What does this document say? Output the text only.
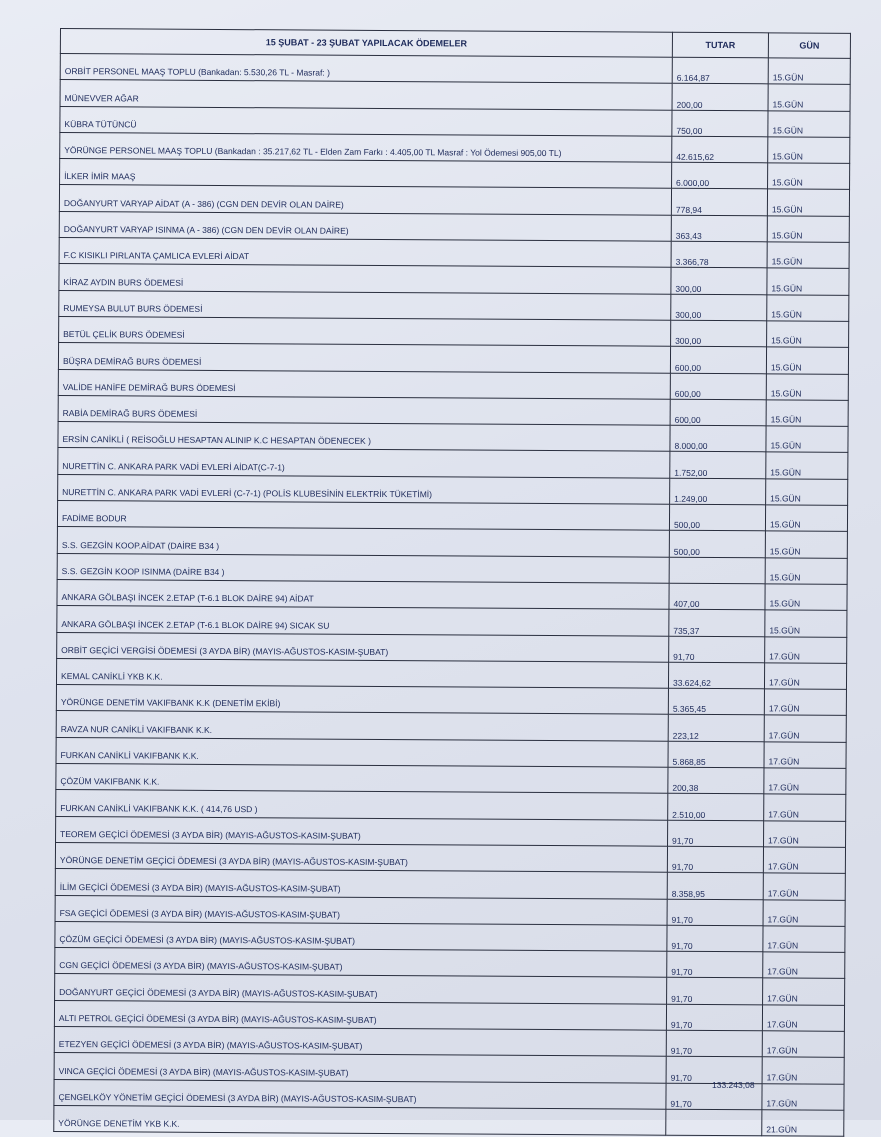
15 ŞUBAT - 23 ŞUBAT YAPILACAK ÖDEMELER	TUTAR	GÜN
ORBİT PERSONEL MAAŞ TOPLU (Bankadan: 5.530,26 TL - Masraf: )	6.164,87	15.GÜN
MÜNEVVER AĞAR	200,00	15.GÜN
KÜBRA TÜTÜNCÜ	750,00	15.GÜN
YÖRÜNGE PERSONEL MAAŞ TOPLU (Bankadan : 35.217,62 TL - Elden Zam Farkı : 4.405,00 TL Masraf : Yol Ödemesi 905,00 TL)	42.615,62	15.GÜN
İLKER İMİR MAAŞ	6.000,00	15.GÜN
DOĞANYURT VARYAP AİDAT (A - 386) (CGN DEN DEVİR OLAN DAİRE)	778,94	15.GÜN
DOĞANYURT VARYAP ISINMA (A - 386) (CGN DEN DEVİR OLAN DAİRE)	363,43	15.GÜN
F.C KISIKLI PIRLANTA ÇAMLICA EVLERİ AİDAT	3.366,78	15.GÜN
KİRAZ AYDIN BURS ÖDEMESİ	300,00	15.GÜN
RUMEYSA BULUT BURS ÖDEMESİ	300,00	15.GÜN
BETÜL ÇELİK BURS ÖDEMESİ	300,00	15.GÜN
BÜŞRA DEMİRAĞ BURS ÖDEMESİ	600,00	15.GÜN
VALİDE HANİFE DEMİRAĞ BURS ÖDEMESİ	600,00	15.GÜN
RABİA DEMİRAĞ BURS ÖDEMESİ	600,00	15.GÜN
ERSİN CANİKLİ ( REİSOĞLU HESAPTAN ALINIP K.C HESAPTAN ÖDENECEK )	8.000,00	15.GÜN
NURETTİN C. ANKARA PARK VADİ EVLERİ AİDAT(C-7-1)	1.752,00	15.GÜN
NURETTİN C. ANKARA PARK VADİ EVLERİ (C-7-1) (POLİS KLUBESİNİN ELEKTRİK TÜKETİMİ)	1.249,00	15.GÜN
FADİME BODUR	500,00	15.GÜN
S.S. GEZGİN KOOP.AİDAT (DAİRE B34 )	500,00	15.GÜN
S.S. GEZGİN KOOP ISINMA (DAİRE B34 )		15.GÜN
ANKARA GÖLBAŞI İNCEK 2.ETAP (T-6.1 BLOK DAİRE 94) AİDAT	407,00	15.GÜN
ANKARA GÖLBAŞI İNCEK 2.ETAP (T-6.1 BLOK DAİRE 94) SICAK SU	735,37	15.GÜN
ORBİT GEÇİCİ VERGİSİ ÖDEMESİ (3 AYDA BİR) (MAYIS-AĞUSTOS-KASIM-ŞUBAT)	91,70	17.GÜN
KEMAL CANİKLİ YKB K.K.	33.624,62	17.GÜN
YÖRÜNGE DENETİM VAKIFBANK K.K (DENETİM EKİBİ)	5.365,45	17.GÜN
RAVZA NUR CANİKLİ VAKIFBANK K.K.	223,12	17.GÜN
FURKAN CANİKLİ VAKIFBANK K.K.	5.868,85	17.GÜN
ÇÖZÜM VAKIFBANK K.K.	200,38	17.GÜN
FURKAN CANİKLİ VAKIFBANK K.K. ( 414,76 USD )	2.510,00	17.GÜN
TEOREM GEÇİCİ ÖDEMESİ (3 AYDA BİR) (MAYIS-AĞUSTOS-KASIM-ŞUBAT)	91,70	17.GÜN
YÖRÜNGE DENETİM GEÇİCİ ÖDEMESİ (3 AYDA BİR) (MAYIS-AĞUSTOS-KASIM-ŞUBAT)	91,70	17.GÜN
İLİM GEÇİCİ ÖDEMESİ (3 AYDA BİR) (MAYIS-AĞUSTOS-KASIM-ŞUBAT)	8.358,95	17.GÜN
FSA GEÇİCİ ÖDEMESİ (3 AYDA BİR) (MAYIS-AĞUSTOS-KASIM-ŞUBAT)	91,70	17.GÜN
ÇÖZÜM GEÇİCİ ÖDEMESİ (3 AYDA BİR) (MAYIS-AĞUSTOS-KASIM-ŞUBAT)	91,70	17.GÜN
CGN GEÇİCİ ÖDEMESİ (3 AYDA BİR) (MAYIS-AĞUSTOS-KASIM-ŞUBAT)	91,70	17.GÜN
DOĞANYURT GEÇİCİ ÖDEMESİ (3 AYDA BİR) (MAYIS-AĞUSTOS-KASIM-ŞUBAT)	91,70	17.GÜN
ALTI PETROL GEÇİCİ ÖDEMESİ (3 AYDA BİR) (MAYIS-AĞUSTOS-KASIM-ŞUBAT)	91,70	17.GÜN
ETEZYEN GEÇİCİ ÖDEMESİ (3 AYDA BİR) (MAYIS-AĞUSTOS-KASIM-ŞUBAT)	91,70	17.GÜN
VINCA GEÇİCİ ÖDEMESİ (3 AYDA BİR) (MAYIS-AĞUSTOS-KASIM-ŞUBAT)	91,70	17.GÜN
ÇENGELKÖY YÖNETİM GEÇİCİ ÖDEMESİ (3 AYDA BİR) (MAYIS-AĞUSTOS-KASIM-ŞUBAT)	91,70	17.GÜN
YÖRÜNGE DENETİM YKB K.K.		21.GÜN
133.243,08
